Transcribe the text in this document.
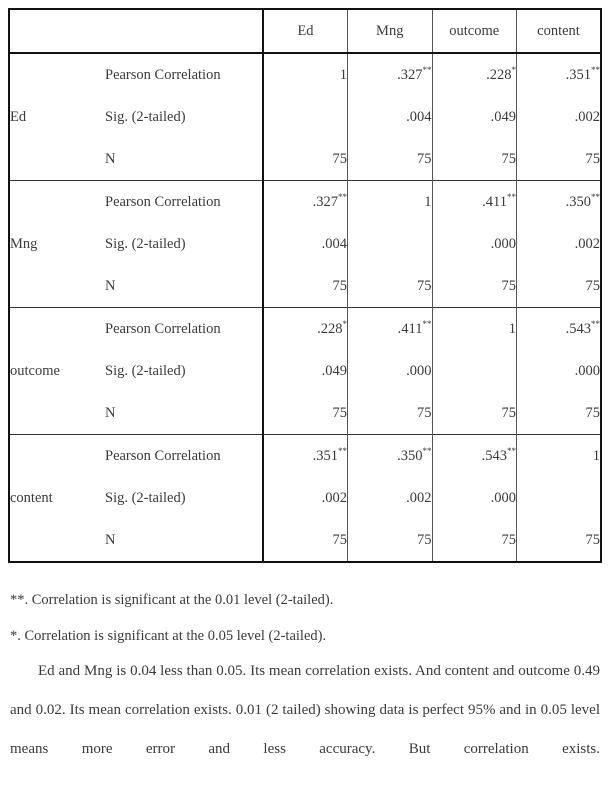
		Ed	Mng	outcome	content
Ed	Pearson Correlation	1	.327**	.228*	.351**
	Sig. (2-tailed)		.004	.049	.002
	N	75	75	75	75
Mng	Pearson Correlation	.327**	1	.411**	.350**
	Sig. (2-tailed)	.004		.000	.002
	N	75	75	75	75
outcome	Pearson Correlation	.228*	.411**	1	.543**
	Sig. (2-tailed)	.049	.000		.000
	N	75	75	75	75
content	Pearson Correlation	.351**	.350**	.543**	1
	Sig. (2-tailed)	.002	.002	.000	
	N	75	75	75	75
**. Correlation is significant at the 0.01 level (2-tailed).
*. Correlation is significant at the 0.05 level (2-tailed).
Ed and Mng is 0.04 less than 0.05. Its mean correlation exists. And content and outcome 0.49 and 0.02. Its mean correlation exists. 0.01 (2 tailed) showing data is perfect 95% and in 0.05 level means more error and less accuracy. But correlation exists.
